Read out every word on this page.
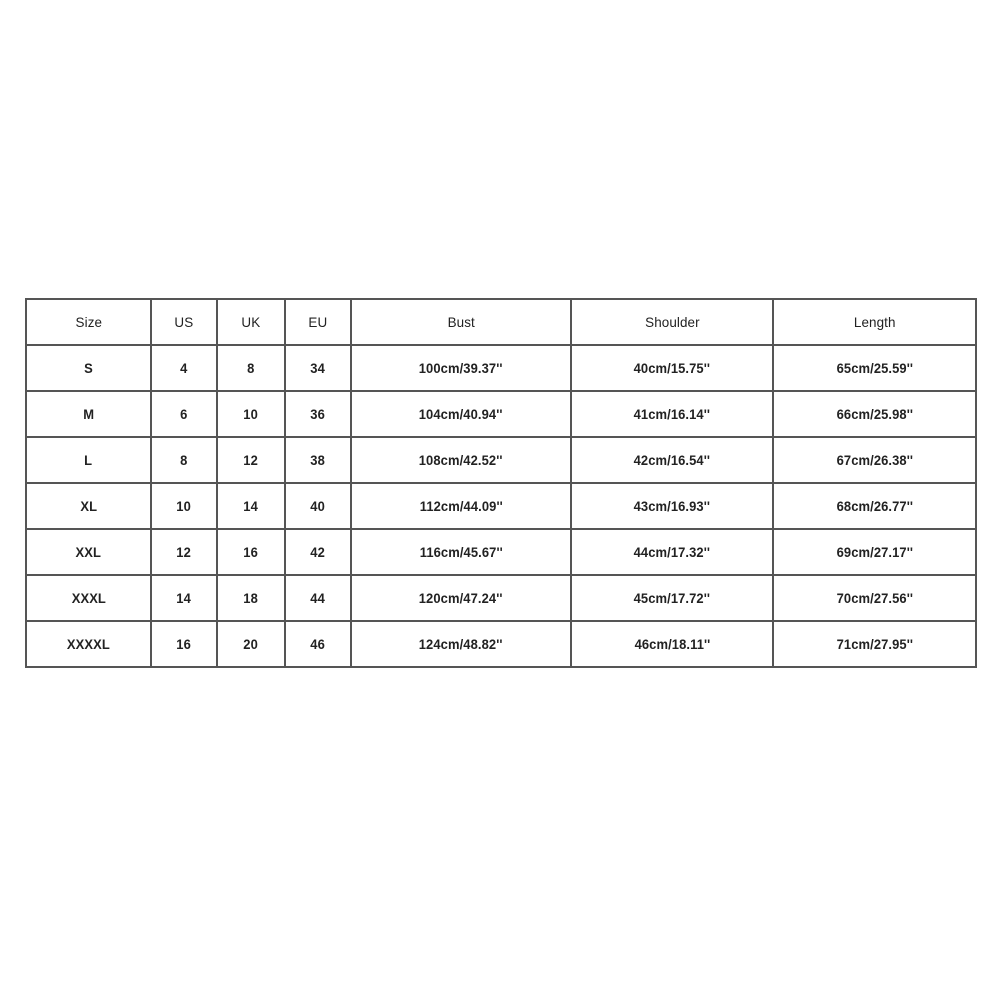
Size	US	UK	EU	Bust	Shoulder	Length
S	4	8	34	100cm/39.37''	40cm/15.75''	65cm/25.59''
M	6	10	36	104cm/40.94''	41cm/16.14''	66cm/25.98''
L	8	12	38	108cm/42.52''	42cm/16.54''	67cm/26.38''
XL	10	14	40	112cm/44.09''	43cm/16.93''	68cm/26.77''
XXL	12	16	42	116cm/45.67''	44cm/17.32''	69cm/27.17''
XXXL	14	18	44	120cm/47.24''	45cm/17.72''	70cm/27.56''
XXXXL	16	20	46	124cm/48.82''	46cm/18.11''	71cm/27.95''
